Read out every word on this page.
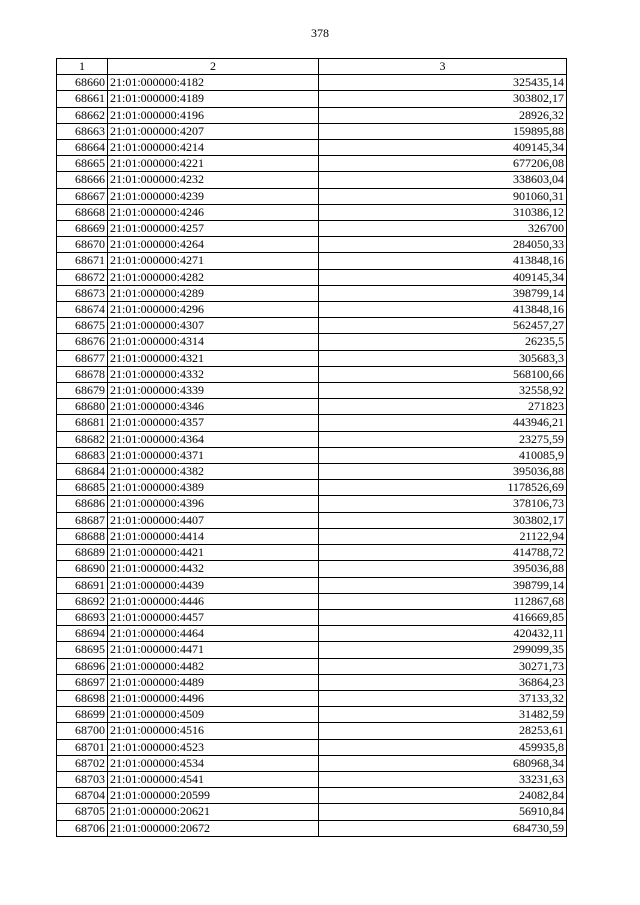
378
1	2	3
68660	21:01:000000:4182	325435,14
68661	21:01:000000:4189	303802,17
68662	21:01:000000:4196	28926,32
68663	21:01:000000:4207	159895,88
68664	21:01:000000:4214	409145,34
68665	21:01:000000:4221	677206,08
68666	21:01:000000:4232	338603,04
68667	21:01:000000:4239	901060,31
68668	21:01:000000:4246	310386,12
68669	21:01:000000:4257	326700
68670	21:01:000000:4264	284050,33
68671	21:01:000000:4271	413848,16
68672	21:01:000000:4282	409145,34
68673	21:01:000000:4289	398799,14
68674	21:01:000000:4296	413848,16
68675	21:01:000000:4307	562457,27
68676	21:01:000000:4314	26235,5
68677	21:01:000000:4321	305683,3
68678	21:01:000000:4332	568100,66
68679	21:01:000000:4339	32558,92
68680	21:01:000000:4346	271823
68681	21:01:000000:4357	443946,21
68682	21:01:000000:4364	23275,59
68683	21:01:000000:4371	410085,9
68684	21:01:000000:4382	395036,88
68685	21:01:000000:4389	1178526,69
68686	21:01:000000:4396	378106,73
68687	21:01:000000:4407	303802,17
68688	21:01:000000:4414	21122,94
68689	21:01:000000:4421	414788,72
68690	21:01:000000:4432	395036,88
68691	21:01:000000:4439	398799,14
68692	21:01:000000:4446	112867,68
68693	21:01:000000:4457	416669,85
68694	21:01:000000:4464	420432,11
68695	21:01:000000:4471	299099,35
68696	21:01:000000:4482	30271,73
68697	21:01:000000:4489	36864,23
68698	21:01:000000:4496	37133,32
68699	21:01:000000:4509	31482,59
68700	21:01:000000:4516	28253,61
68701	21:01:000000:4523	459935,8
68702	21:01:000000:4534	680968,34
68703	21:01:000000:4541	33231,63
68704	21:01:000000:20599	24082,84
68705	21:01:000000:20621	56910,84
68706	21:01:000000:20672	684730,59
